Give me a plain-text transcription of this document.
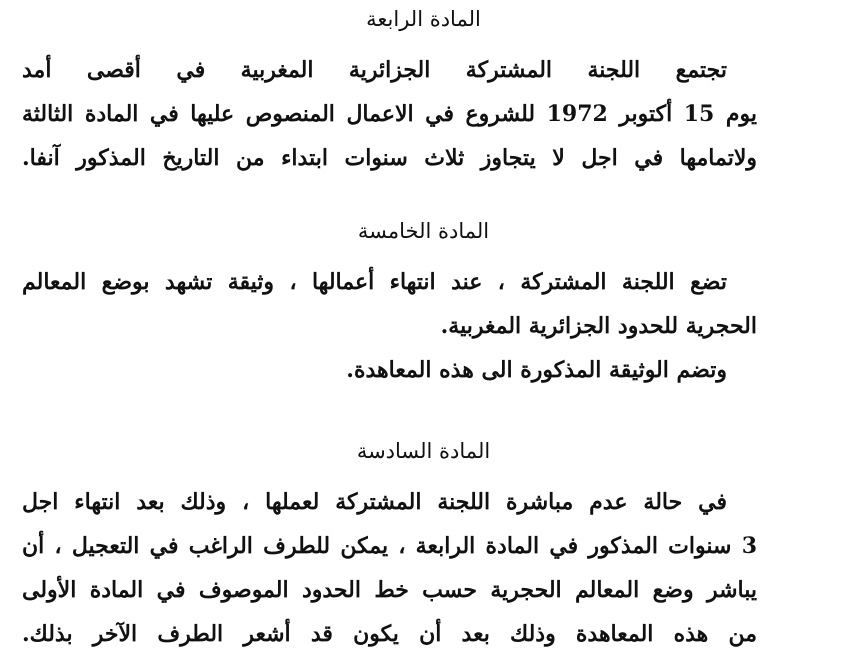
المادة الرابعة
تجتمع اللجنة المشتركة الجزائرية المغربية في أقصى أمد
يوم 15 أكتوبر 1972 للشروع في الاعمال المنصوص عليها في المادة الثالثة
ولاتمامها في اجل لا يتجاوز ثلاث سنوات ابتداء من التاريخ المذكور آنفا.
المادة الخامسة
تضع اللجنة المشتركة ، عند انتهاء أعمالها ، وثيقة تشهد بوضع المعالم
الحجرية للحدود الجزائرية المغربية.
وتضم الوثيقة المذكورة الى هذه المعاهدة.
المادة السادسة
في حالة عدم مباشرة اللجنة المشتركة لعملها ، وذلك بعد انتهاء اجل
3 سنوات المذكور في المادة الرابعة ، يمكن للطرف الراغب في التعجيل ، أن
يباشر وضع المعالم الحجرية حسب خط الحدود الموصوف في المادة الأولى
من هذه المعاهدة وذلك بعد أن يكون قد أشعر الطرف الآخر بذلك.
